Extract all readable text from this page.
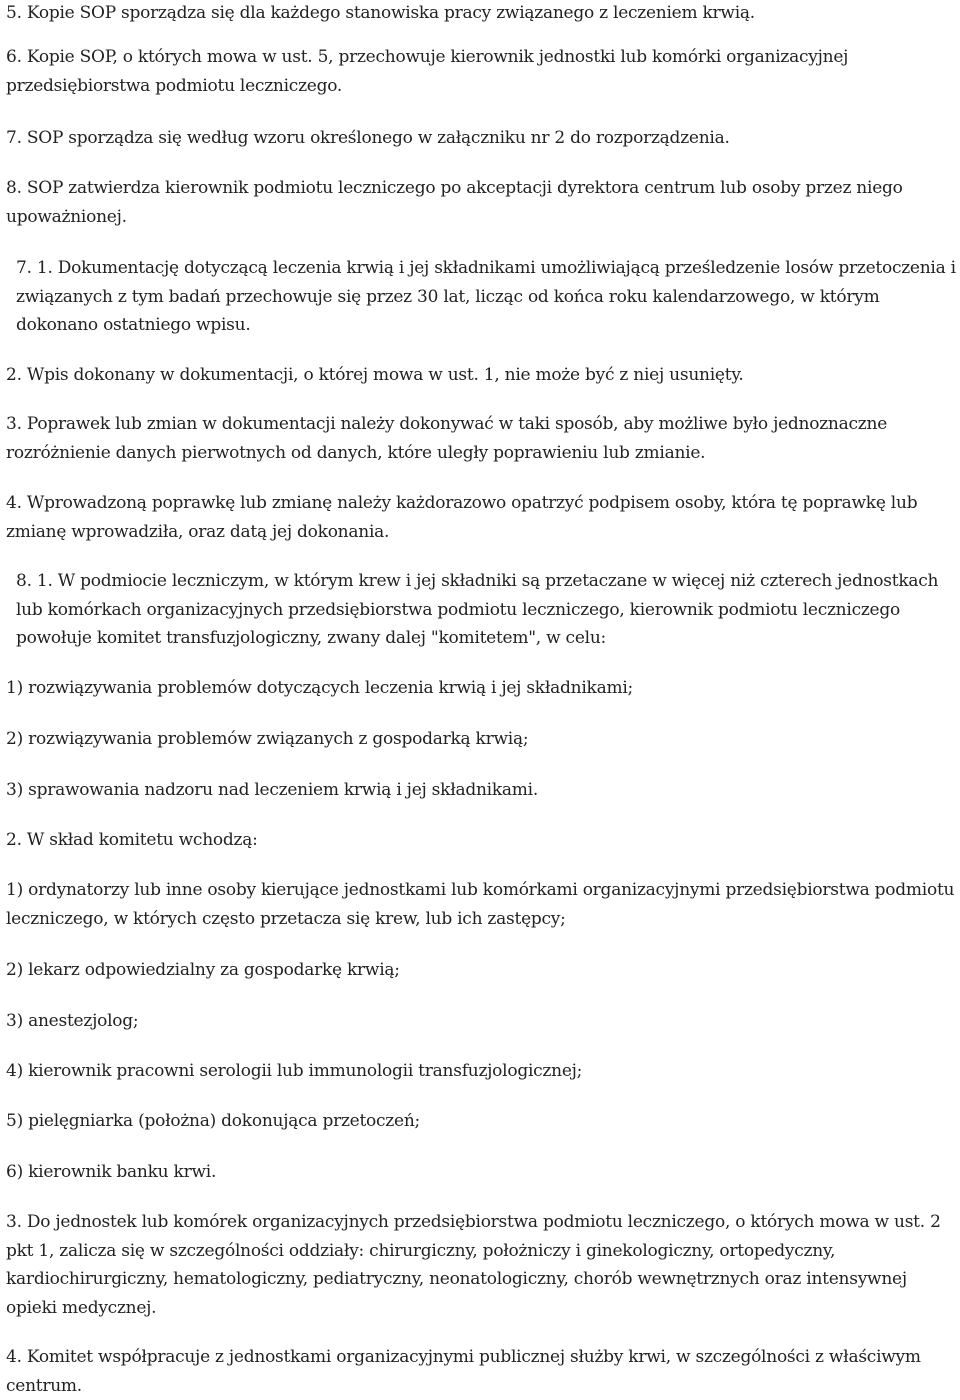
5. Kopie SOP sporządza się dla każdego stanowiska pracy związanego z leczeniem krwią.

6. Kopie SOP, o których mowa w ust. 5, przechowuje kierownik jednostki lub komórki organizacyjnej przedsiębiorstwa podmiotu leczniczego.

7. SOP sporządza się według wzoru określonego w załączniku nr 2 do rozporządzenia.

8. SOP zatwierdza kierownik podmiotu leczniczego po akceptacji dyrektora centrum lub osoby przez niego upoważnionej.

7. 1. Dokumentację dotyczącą leczenia krwią i jej składnikami umożliwiającą prześledzenie losów przetoczenia i związanych z tym badań przechowuje się przez 30 lat, licząc od końca roku kalendarzowego, w którym dokonano ostatniego wpisu.

2. Wpis dokonany w dokumentacji, o której mowa w ust. 1, nie może być z niej usunięty.

3. Poprawek lub zmian w dokumentacji należy dokonywać w taki sposób, aby możliwe było jednoznaczne rozróżnienie danych pierwotnych od danych, które uległy poprawieniu lub zmianie.

4. Wprowadzoną poprawkę lub zmianę należy każdorazowo opatrzyć podpisem osoby, która tę poprawkę lub zmianę wprowadziła, oraz datą jej dokonania.

8. 1. W podmiocie leczniczym, w którym krew i jej składniki są przetaczane w więcej niż czterech jednostkach lub komórkach organizacyjnych przedsiębiorstwa podmiotu leczniczego, kierownik podmiotu leczniczego powołuje komitet transfuzjologiczny, zwany dalej "komitetem", w celu:

1) rozwiązywania problemów dotyczących leczenia krwią i jej składnikami;

2) rozwiązywania problemów związanych z gospodarką krwią;

3) sprawowania nadzoru nad leczeniem krwią i jej składnikami.

2. W skład komitetu wchodzą:

1) ordynatorzy lub inne osoby kierujące jednostkami lub komórkami organizacyjnymi przedsiębiorstwa podmiotu leczniczego, w których często przetacza się krew, lub ich zastępcy;

2) lekarz odpowiedzialny za gospodarkę krwią;

3) anestezjolog;

4) kierownik pracowni serologii lub immunologii transfuzjologicznej;

5) pielęgniarka (położna) dokonująca przetoczeń;

6) kierownik banku krwi.

3. Do jednostek lub komórek organizacyjnych przedsiębiorstwa podmiotu leczniczego, o których mowa w ust. 2 pkt 1, zalicza się w szczególności oddziały: chirurgiczny, położniczy i ginekologiczny, ortopedyczny, kardiochirurgiczny, hematologiczny, pediatryczny, neonatologiczny, chorób wewnętrznych oraz intensywnej opieki medycznej.

4. Komitet współpracuje z jednostkami organizacyjnymi publicznej służby krwi, w szczególności z właściwym centrum.
